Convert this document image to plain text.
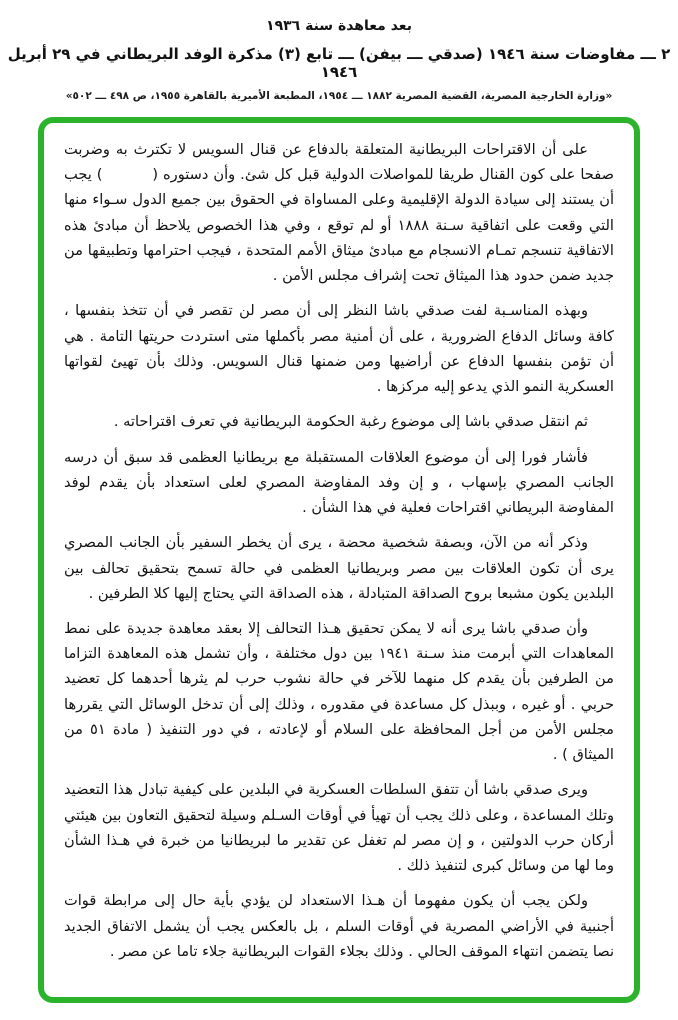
بعد معاهدة سنة ١٩٣٦

٢ ـــ مفاوضات سنة ١٩٤٦ (صدقي ـــ بيفن) ـــ تابع (٣) مذكرة الوفد البريطاني في ٢٩ أبريل ١٩٤٦

«وزارة الخارجية المصرية، القضية المصرية ١٨٨٢ ـــ ١٩٥٤، المطبعة الأميرية بالقاهرة ١٩٥٥، ص ٤٩٨ ـــ ٥٠٢»

على أن الاقتراحات البريطانية المتعلقة بالدفاع عن قنال السويس لا تكترث به وضربت صفحا على كون القنال طريقا للمواصلات الدولية قبل كل شئ. وأن دستوره (          ) يجب أن يستند إلى سيادة الدولة الإقليمية وعلى المساواة في الحقوق بين جميع الدول سـواء منها التي وقعت على اتفاقية سـنة ١٨٨٨ أو لم توقع ، وفي هذا الخصوص يلاحظ أن مبادئ هذه الاتفاقية تنسجم تمـام الانسجام مع مبادئ ميثاق الأمم المتحدة ، فيجب احترامها وتطبيقها من جديد ضمن حدود هذا الميثاق تحت إشراف مجلس الأمن .

وبهذه المناسـبة لفت صدقي باشا النظر إلى أن مصر لن تقصر في أن تتخذ بنفسها ، كافة وسائل الدفاع الضرورية ، على أن أمنية مصر بأكملها متى استردت حريتها التامة . هي أن تؤمن بنفسها الدفاع عن أراضيها ومن ضمنها قنال السويس. وذلك بأن تهيئ لقواتها العسكرية النمو الذي يدعو إليه مركزها .

ثم انتقل صدقي باشا إلى موضوع رغبة الحكومة البريطانية في تعرف اقتراحاته .

فأشار فورا إلى أن موضوع العلاقات المستقبلة مع بريطانيا العظمى قد سبق أن درسه الجانب المصري بإسهاب ، و إن وفد المفاوضة المصري لعلى استعداد بأن يقدم لوفد المفاوضة البريطاني اقتراحات فعلية في هذا الشأن .

وذكر أنه من الآن، وبصفة شخصية محضة ، يرى أن يخطر السفير بأن الجانب المصري يرى أن تكون العلاقات بين مصر وبريطانيا العظمى في حالة تسمح بتحقيق تحالف بين البلدين يكون مشبعا بروح الصداقة المتبادلة ، هذه الصداقة التي يحتاج إليها كلا الطرفين .

وأن صدقي باشا يرى أنه لا يمكن تحقيق هـذا التحالف إلا بعقد معاهدة جديدة على نمط المعاهدات التي أبرمت منذ سـنة ١٩٤١ بين دول مختلفة ، وأن تشمل هذه المعاهدة التزاما من الطرفين بأن يقدم كل منهما للآخر في حالة نشوب حرب لم يثرها أحدهما كل تعضيد حربي . أو غيره ، وببذل كل مساعدة في مقدوره ، وذلك إلى أن تدخل الوسائل التي يقررها مجلس الأمن من أجل المحافظة على السلام أو لإعادته ، في دور التنفيذ ( مادة ٥١ من الميثاق ) .

ويرى صدقي باشا أن تتفق السلطات العسكرية في البلدين على كيفية تبادل هذا التعضيد وتلك المساعدة ، وعلى ذلك يجب أن تهيأ في أوقات السـلم وسيلة لتحقيق التعاون بين هيئتي أركان حرب الدولتين ، و إن مصر لم تغفل عن تقدير ما لبريطانيا من خبرة في هـذا الشأن وما لها من وسائل كبرى لتنفيذ ذلك .

ولكن يجب أن يكون مفهوما أن هـذا الاستعداد لن يؤدي بأية حال إلى مرابطة قوات أجنبية في الأراضي المصرية في أوقات السلم ، بل بالعكس يجب أن يشمل الاتفاق الجديد نصا يتضمن انتهاء الموقف الحالي . وذلك بجلاء القوات البريطانية جلاء تاما عن مصر .
